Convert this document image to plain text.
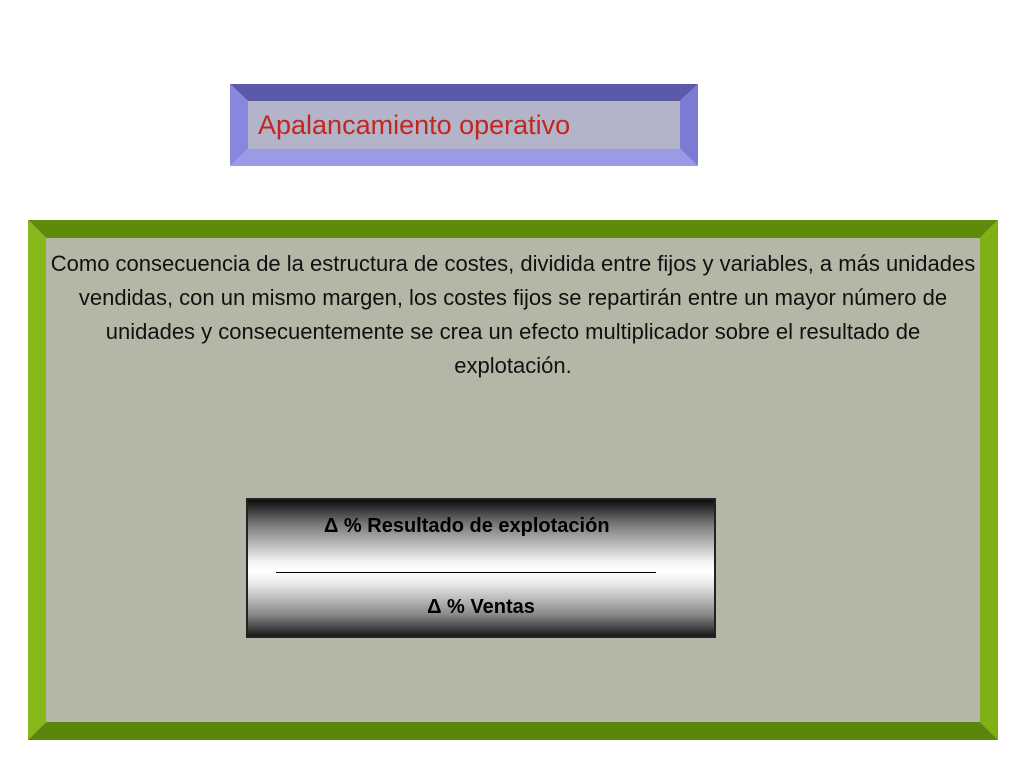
Apalancamiento operativo
Como consecuencia de la estructura de costes, dividida entre fijos y variables, a más unidades vendidas, con un mismo margen, los costes fijos se repartirán entre un mayor número de unidades y consecuentemente se crea un efecto multiplicador sobre el resultado de explotación.
Δ % Resultado de explotación
Δ % Ventas
